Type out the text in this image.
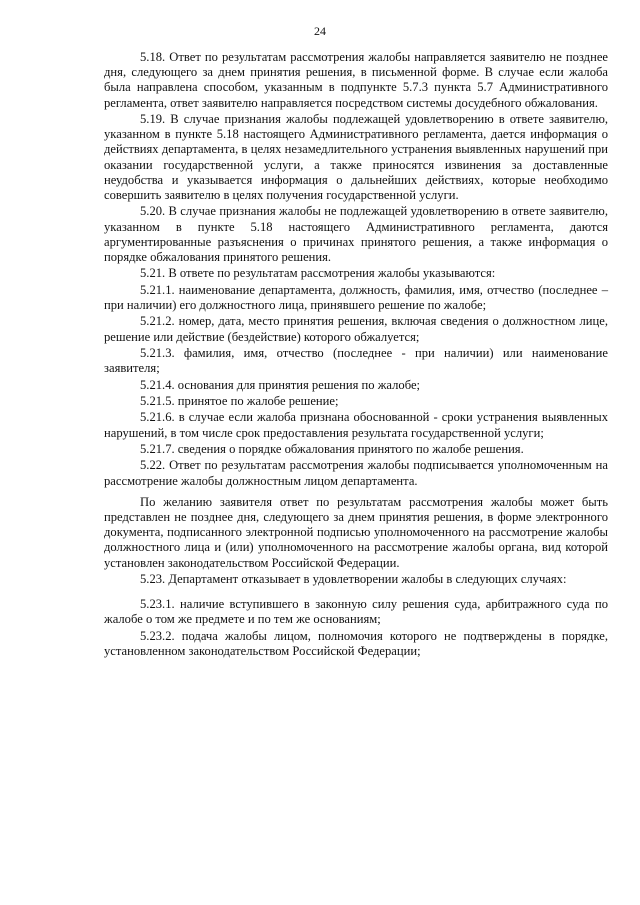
24

5.18. Ответ по результатам рассмотрения жалобы направляется заявителю не позднее дня, следующего за днем принятия решения, в письменной форме. В случае если жалоба была направлена способом, указанным в подпункте 5.7.3 пункта 5.7 Административного регламента, ответ заявителю направляется посредством системы досудебного обжалования.

5.19. В случае признания жалобы подлежащей удовлетворению в ответе заявителю, указанном в пункте 5.18 настоящего Административного регламента, дается информация о действиях департамента, в целях незамедлительного устранения выявленных нарушений при оказании государственной услуги, а также приносятся извинения за доставленные неудобства и указывается информация о дальнейших действиях, которые необходимо совершить заявителю в целях получения государственной услуги.

5.20. В случае признания жалобы не подлежащей удовлетворению в ответе заявителю, указанном в пункте 5.18 настоящего Административного регламента, даются аргументированные разъяснения о причинах принятого решения, а также информация о порядке обжалования принятого решения.

5.21. В ответе по результатам рассмотрения жалобы указываются:

5.21.1. наименование департамента, должность, фамилия, имя, отчество (последнее – при наличии) его должностного лица, принявшего решение по жалобе;

5.21.2. номер, дата, место принятия решения, включая сведения о должностном лице, решение или действие (бездействие) которого обжалуется;

5.21.3. фамилия, имя, отчество (последнее - при наличии) или наименование заявителя;

5.21.4. основания для принятия решения по жалобе;

5.21.5. принятое по жалобе решение;

5.21.6. в случае если жалоба признана обоснованной - сроки устранения выявленных нарушений, в том числе срок предоставления результата государственной услуги;

5.21.7. сведения о порядке обжалования принятого по жалобе решения.

5.22. Ответ по результатам рассмотрения жалобы подписывается уполномоченным на рассмотрение жалобы должностным лицом департамента.

По желанию заявителя ответ по результатам рассмотрения жалобы может быть представлен не позднее дня, следующего за днем принятия решения, в форме электронного документа, подписанного электронной подписью уполномоченного на рассмотрение жалобы должностного лица и (или) уполномоченного на рассмотрение жалобы органа, вид которой установлен законодательством Российской Федерации.

5.23. Департамент отказывает в удовлетворении жалобы в следующих случаях:

5.23.1. наличие вступившего в законную силу решения суда, арбитражного суда по жалобе о том же предмете и по тем же основаниям;

5.23.2. подача жалобы лицом, полномочия которого не подтверждены в порядке, установленном законодательством Российской Федерации;
